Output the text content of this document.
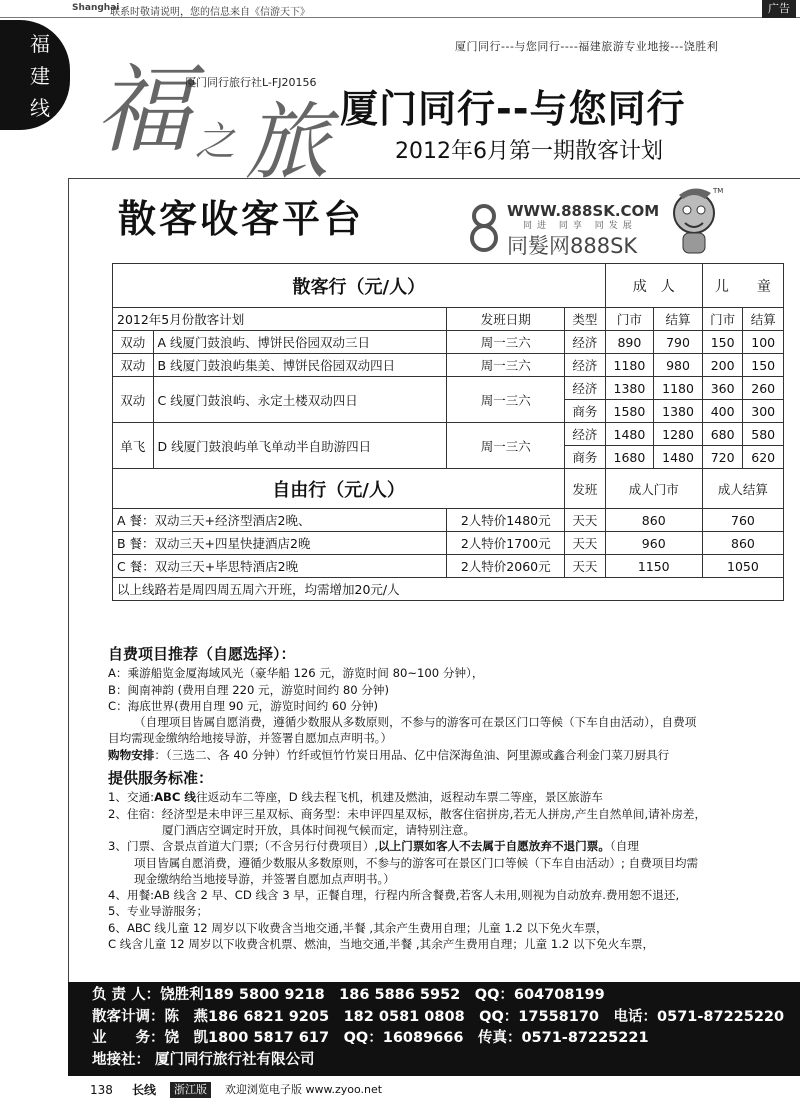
Shanghai
联系时敬请说明，您的信息来自《信游天下》	广告
福
建
线
厦门同行---与您同行----福建旅游专业地接---饶胜利
福 之 旅
厦门同行旅行社L-FJ20156
厦门同行--与您同行
2012年6月第一期散客计划
散客收客平台	WWW.888SK.COM
同进 同享 同发展
同髮网888SK
TM
散客行（元/人）				成　人		儿　　童	

2012年5月份散客计划		发班日期	类型	门市	结算	门市	结算
双动	A 线厦门鼓浪屿、博饼民俗园双动三日	周一三六	经济	890	790	150	100
双动	B 线厦门鼓浪屿集美、博饼民俗园双动四日	周一三六	经济	1180	980	200	150
双动	C 线厦门鼓浪屿、永定土楼双动四日	周一三六	经济	1380	1180	360	260
			商务	1580	1380	400	300
单飞	D 线厦门鼓浪屿单飞单动半自助游四日	周一三六	经济	1480	1280	680	580
			商务	1680	1480	720	620
自由行（元/人）			发班	成人门市		成人结算	
A 餐：双动三天+经济型酒店2晚、		2人特价1480元	天天	860		760	
B 餐：双动三天+四星快捷酒店2晚		2人特价1700元	天天	960		860	
C 餐：双动三天+毕思特酒店2晚		2人特价2060元	天天	1150		1050	
以上线路若是周四周五周六开班，均需增加20元/人							
自费项目推荐（自愿选择）：

A：乘游船览金厦海域风光（豪华船 126 元，游览时间 80~100 分钟），

B：闽南神韵 (费用自理 220 元，游览时间约 80 分钟)

C：海底世界(费用自理 90 元，游览时间约 60 分钟)

（自理项目皆属自愿消费，遵循少数服从多数原则，不参与的游客可在景区门口等候（下车自由活动），自费项

目均需现金缴纳给地接导游，并签署自愿加点声明书。）

购物安排：（三选二、各 40 分钟）竹纤或恒竹竹炭日用品、亿中信深海鱼油、阿里源或鑫合利金门菜刀厨具行

提供服务标准：

1、交通:ABC 线往返动车二等座，D 线去程飞机，机建及燃油，返程动车票二等座，景区旅游车

2、住宿：经济型是未申评三星双标、商务型：未申评四星双标，散客住宿拼房,若无人拼房,产生自然单间,请补房差，

厦门酒店空调定时开放，具体时间视气候而定，请特别注意。

3、门票、含景点首道大门票;（不含另行付费项目）,以上门票如客人不去属于自愿放弃不退门票。（自理

项目皆属自愿消费，遵循少数服从多数原则，不参与的游客可在景区门口等候（下车自由活动）; 自费项目均需

现金缴纳给当地接导游，并签署自愿加点声明书。）

4、用餐:AB 线含 2 早、CD 线含 3 早，正餐自理，行程内所含餐费,若客人未用,则视为自动放弃.费用恕不退还,

5、专业导游服务；

6、ABC 线儿童 12 周岁以下收费含当地交通,半餐 ,其余产生费用自理；儿童 1.2 以下免火车票，

C 线含儿童 12 周岁以下收费含机票、燃油，当地交通,半餐 ,其余产生费用自理；儿童 1.2 以下免火车票，

负 责 人：饶胜利189 5800 9218　186 5886 5952　QQ：604708199
散客计调：陈　燕186 6821 9205　182 0581 0808　QQ：17558170　电话：0571-87225220
业　　务：饶　凯1800 5817 617　QQ：16089666　传真：0571-87225221
地接社： 厦门同行旅行社有限公司
138 长线	浙江版	欢迎浏览电子版 www.zyoo.net
